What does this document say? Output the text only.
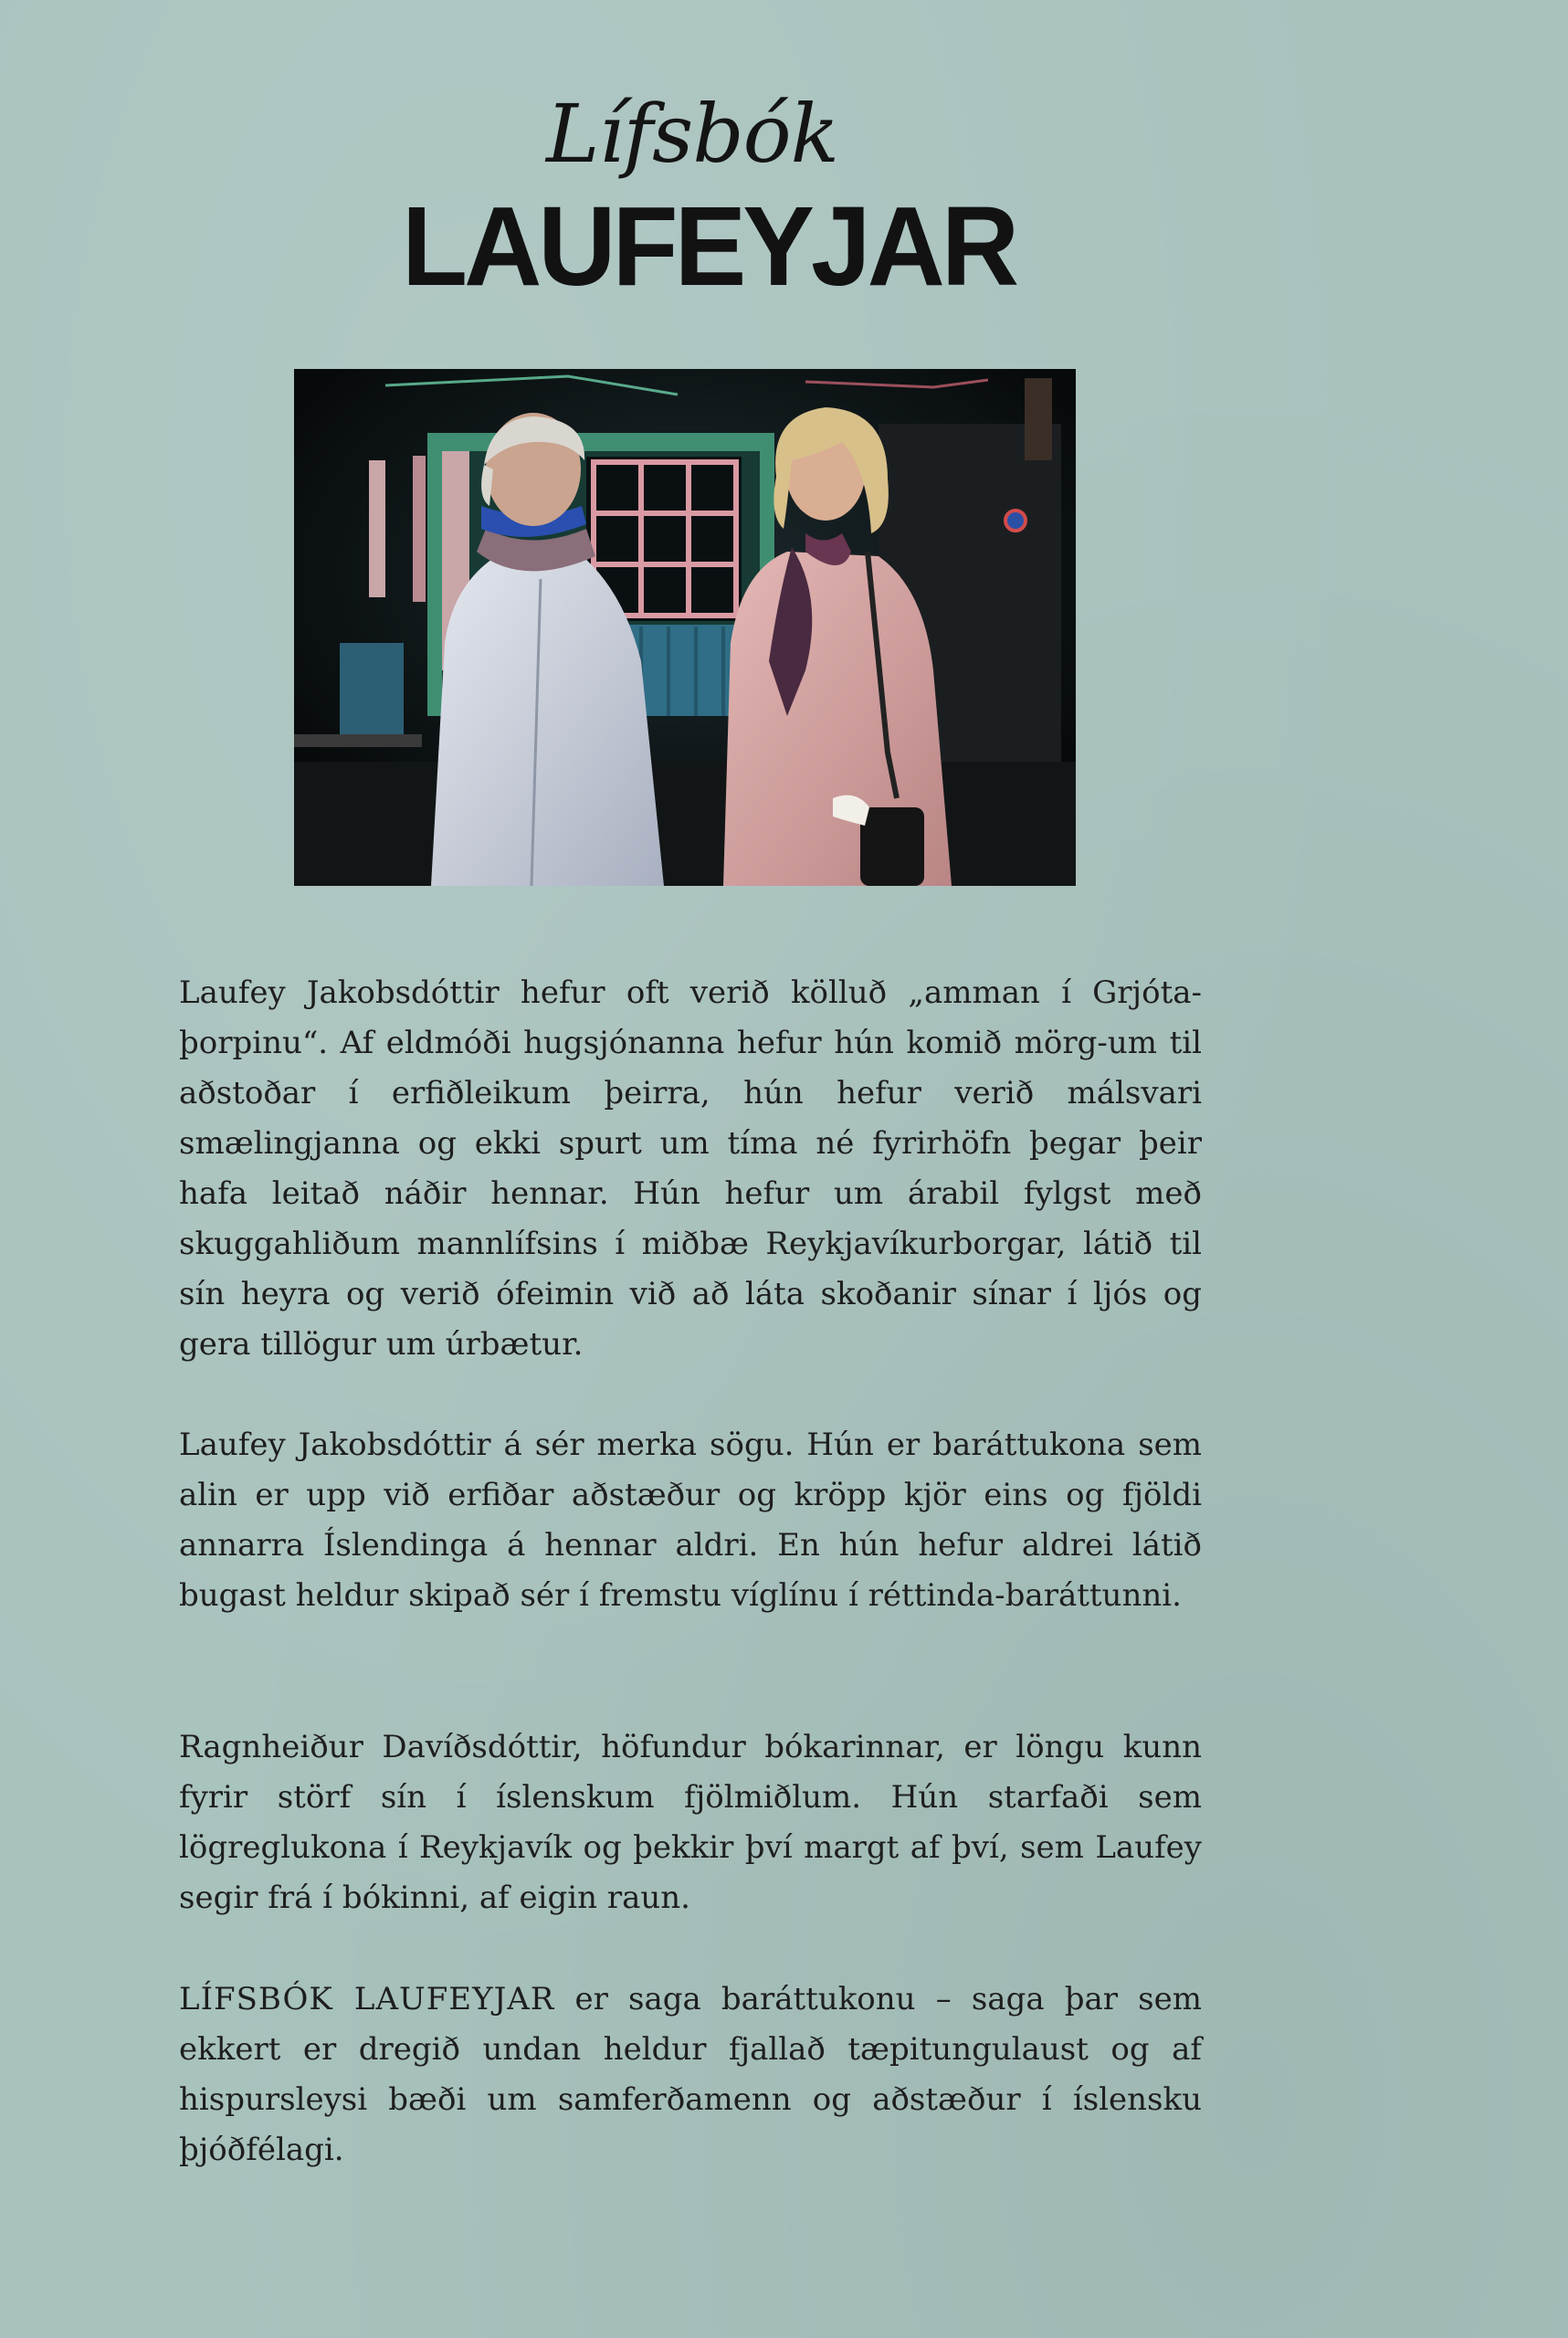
Lífsbók
LAUFEYJAR

Laufey Jakobsdóttir hefur oft verið kölluð „amman í Grjóta-þorpinu“. Af eldmóði hugsjónanna hefur hún komið mörg-um til aðstoðar í erfiðleikum þeirra, hún hefur verið málsvari smælingjanna og ekki spurt um tíma né fyrirhöfn þegar þeir hafa leitað náðir hennar. Hún hefur um árabil fylgst með skuggahliðum mannlífsins í miðbæ Reykjavíkurborgar, látið til sín heyra og verið ófeimin við að láta skoðanir sínar í ljós og gera tillögur um úrbætur.

Laufey Jakobsdóttir á sér merka sögu. Hún er baráttukona sem alin er upp við erfiðar aðstæður og kröpp kjör eins og fjöldi annarra Íslendinga á hennar aldri. En hún hefur aldrei látið bugast heldur skipað sér í fremstu víglínu í réttinda-baráttunni.

Ragnheiður Davíðsdóttir, höfundur bókarinnar, er löngu kunn fyrir störf sín í íslenskum fjölmiðlum. Hún starfaði sem lögreglukona í Reykjavík og þekkir því margt af því, sem Laufey segir frá í bókinni, af eigin raun.

LÍFSBÓK LAUFEYJAR er saga baráttukonu – saga þar sem ekkert er dregið undan heldur fjallað tæpitungulaust og af hispursleysi bæði um samferðamenn og aðstæður í íslensku þjóðfélagi.
